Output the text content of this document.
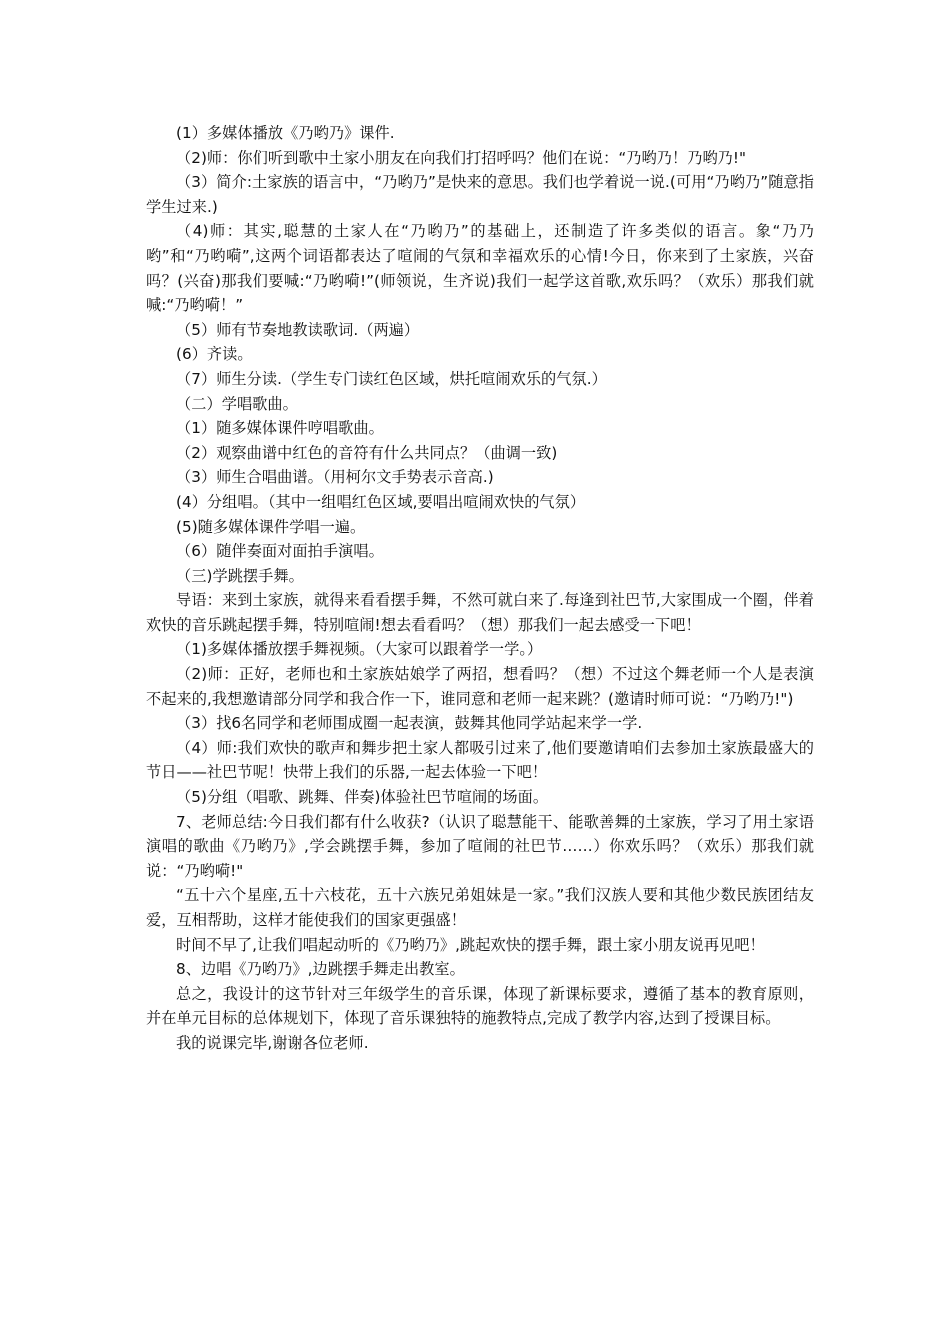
(1）多媒体播放《乃哟乃》课件.

（2)师：你们听到歌中土家小朋友在向我们打招呼吗？他们在说：“乃哟乃！乃哟乃!"

（3）简介:土家族的语言中，“乃哟乃”是快来的意思。我们也学着说一说.(可用“乃哟乃”随意指学生过来.)

（4)师：其实,聪慧的土家人在“乃哟乃”的基础上，还制造了许多类似的语言。象“乃乃哟”和“乃哟嗬”,这两个词语都表达了喧闹的气氛和幸福欢乐的心情!今日，你来到了土家族，兴奋吗？(兴奋)那我们要喊:“乃哟嗬!”(师领说，生齐说)我们一起学这首歌,欢乐吗？（欢乐）那我们就喊:“乃哟嗬！”

（5）师有节奏地教读歌词.（两遍）

(6）齐读。

（7）师生分读.（学生专门读红色区域，烘托喧闹欢乐的气氛.）

（二）学唱歌曲。

（1）随多媒体课件哼唱歌曲。

（2）观察曲谱中红色的音符有什么共同点？（曲调一致)

（3）师生合唱曲谱。（用柯尔文手势表示音高.)

(4）分组唱。（其中一组唱红色区域,要唱出喧闹欢快的气氛）

(5)随多媒体课件学唱一遍。

（6）随伴奏面对面拍手演唱。

（三)学跳摆手舞。

导语：来到土家族，就得来看看摆手舞，不然可就白来了.每逢到社巴节,大家围成一个圈，伴着欢快的音乐跳起摆手舞，特别喧闹!想去看看吗？（想）那我们一起去感受一下吧！

（1)多媒体播放摆手舞视频。（大家可以跟着学一学。）

（2)师：正好，老师也和土家族姑娘学了两招，想看吗？（想）不过这个舞老师一个人是表演不起来的,我想邀请部分同学和我合作一下，谁同意和老师一起来跳？(邀请时师可说：“乃哟乃!")

（3）找6名同学和老师围成圈一起表演，鼓舞其他同学站起来学一学.

（4）师:我们欢快的歌声和舞步把土家人都吸引过来了,他们要邀请咱们去参加土家族最盛大的节日——社巴节呢！快带上我们的乐器,一起去体验一下吧！

（5)分组（唱歌、跳舞、伴奏)体验社巴节喧闹的场面。

7、老师总结:今日我们都有什么收获?（认识了聪慧能干、能歌善舞的土家族，学习了用土家语演唱的歌曲《乃哟乃》,学会跳摆手舞，参加了喧闹的社巴节……）你欢乐吗？（欢乐）那我们就说：“乃哟嗬!"

“五十六个星座,五十六枝花，五十六族兄弟姐妹是一家。”我们汉族人要和其他少数民族团结友爱，互相帮助，这样才能使我们的国家更强盛！

时间不早了,让我们唱起动听的《乃哟乃》,跳起欢快的摆手舞，跟土家小朋友说再见吧！

8、边唱《乃哟乃》,边跳摆手舞走出教室。

总之，我设计的这节针对三年级学生的音乐课，体现了新课标要求，遵循了基本的教育原则，并在单元目标的总体规划下，体现了音乐课独特的施教特点,完成了教学内容,达到了授课目标。

我的说课完毕,谢谢各位老师.
